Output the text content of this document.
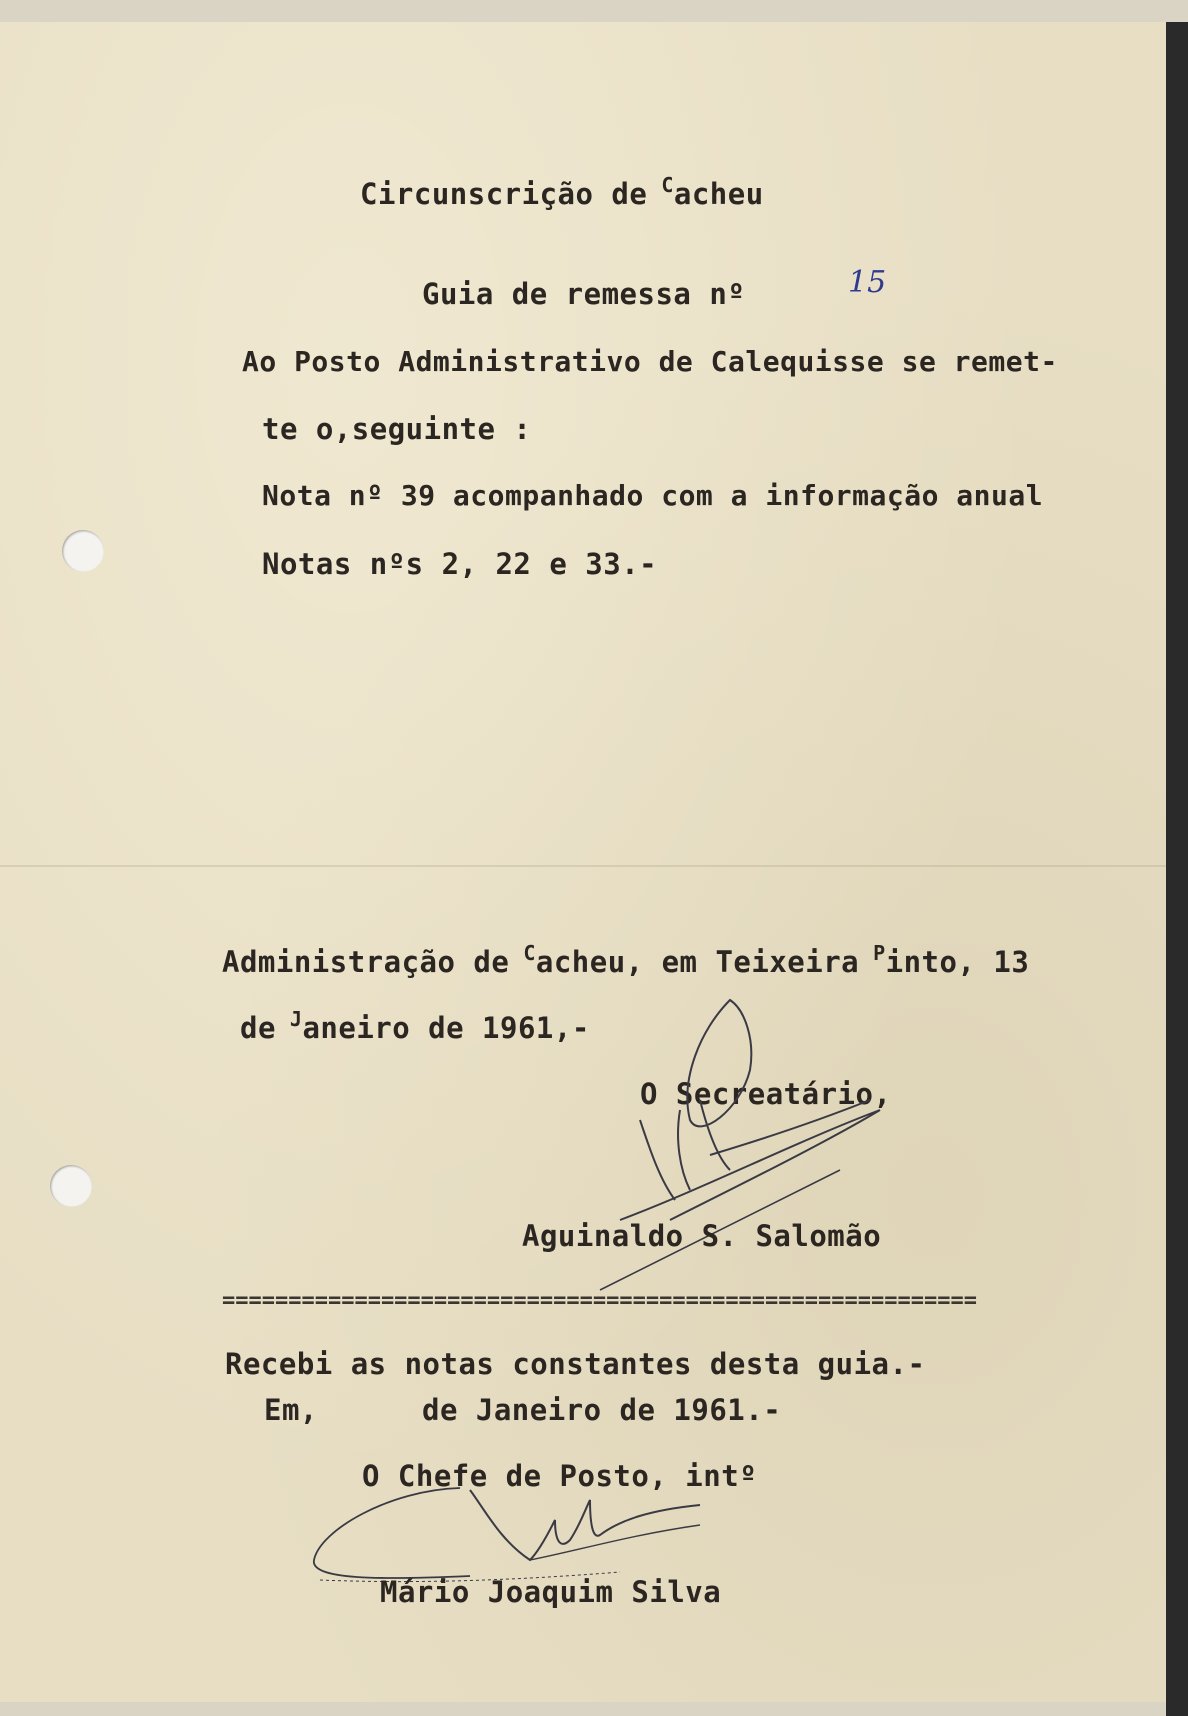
Circunscrição de $^C$acheu

Guia de remessa nº	15

Ao Posto Administrativo de Calequisse se remet-

te o,seguinte :

Nota nº 39 acompanhado com a informação anual

Notas nºs 2, 22 e 33.-

Administração de $^C$acheu, em Teixeira $^P$into, 13

de $^J$aneiro de 1961,-

O Secreatário,

Aguinaldo S. Salomão

=========================================================

Recebi as notas constantes desta guia.-

Em,	de Janeiro de 1961.-

O Chefe de Posto, intº

Mário Joaquim Silva
